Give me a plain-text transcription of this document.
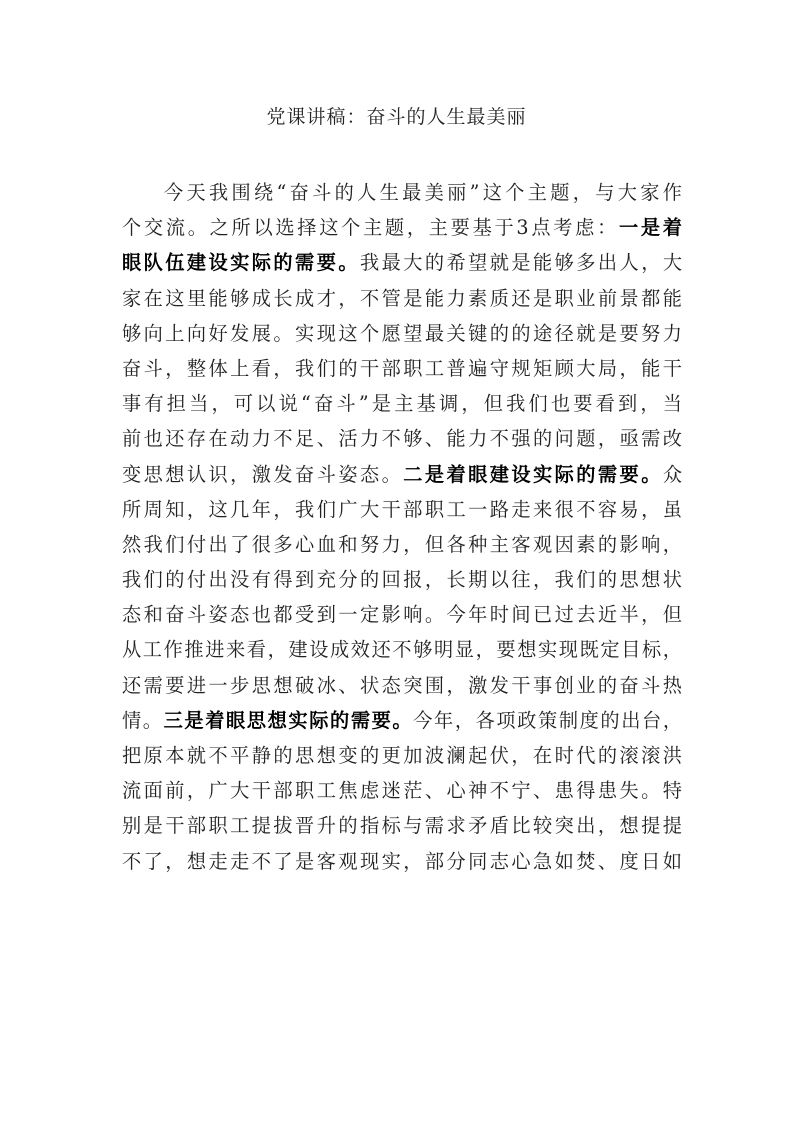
党课讲稿：奋斗的人生最美丽
今天我围绕“奋斗的人生最美丽”这个主题，与大家作
个交流。之所以选择这个主题，主要基于3点考虑：一是着
眼队伍建设实际的需要。我最大的希望就是能够多出人，大
家在这里能够成长成才，不管是能力素质还是职业前景都能
够向上向好发展。实现这个愿望最关键的的途径就是要努力
奋斗，整体上看，我们的干部职工普遍守规矩顾大局，能干
事有担当，可以说“奋斗”是主基调，但我们也要看到，当
前也还存在动力不足、活力不够、能力不强的问题，亟需改
变思想认识，激发奋斗姿态。二是着眼建设实际的需要。众
所周知，这几年，我们广大干部职工一路走来很不容易，虽
然我们付出了很多心血和努力，但各种主客观因素的影响，
我们的付出没有得到充分的回报，长期以往，我们的思想状
态和奋斗姿态也都受到一定影响。今年时间已过去近半，但
从工作推进来看，建设成效还不够明显，要想实现既定目标，
还需要进一步思想破冰、状态突围，激发干事创业的奋斗热
情。三是着眼思想实际的需要。今年，各项政策制度的出台，
把原本就不平静的思想变的更加波澜起伏，在时代的滚滚洪
流面前，广大干部职工焦虑迷茫、心神不宁、患得患失。特
别是干部职工提拔晋升的指标与需求矛盾比较突出，想提提
不了，想走走不了是客观现实，部分同志心急如焚、度日如
